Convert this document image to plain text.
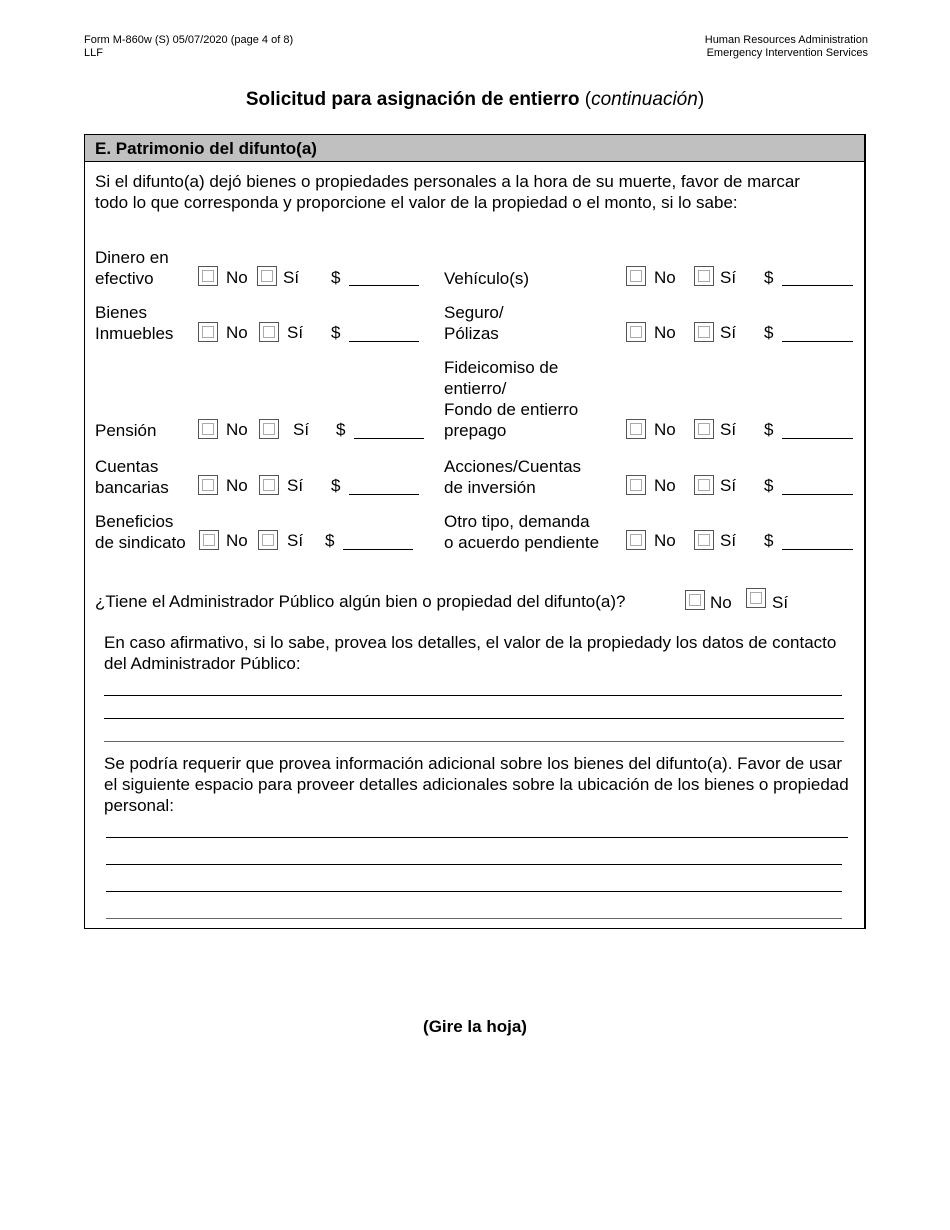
Form M-860w (S) 05/07/2020 (page 4 of 8)
LLF
Human Resources Administration
Emergency Intervention Services
Solicitud para asignación de entierro (continuación)
E. Patrimonio del difunto(a)
Si el difunto(a) dejó bienes o propiedades personales a la hora de su muerte, favor de marcar todo lo que corresponda y proporcione el valor de la propiedad o el monto, si lo sabe:
Dinero en
efectivo	No Sí $	Vehículo(s)	No	Sí $
Bienes
Inmuebles	No Sí $
Seguro/
Pólizas	No	Sí $
Pensión	No	Sí $
Fideicomiso de
entierro/
Fondo de entierro
prepago	No	Sí $
Cuentas
bancarias	No Sí $
Acciones/Cuentas
de inversión	No	Sí $
Beneficios
de sindicato No Sí $
Otro tipo, demanda
o acuerdo pendiente	No	Sí $
¿Tiene el Administrador Público algún bien o propiedad del difunto(a)?	No Sí
En caso afirmativo, si lo sabe, provea los detalles, el valor de la propiedady los datos de contacto del Administrador Público:
Se podría requerir que provea información adicional sobre los bienes del difunto(a). Favor de usar el siguiente espacio para proveer detalles adicionales sobre la ubicación de los bienes o propiedad personal:
(Gire la hoja)
